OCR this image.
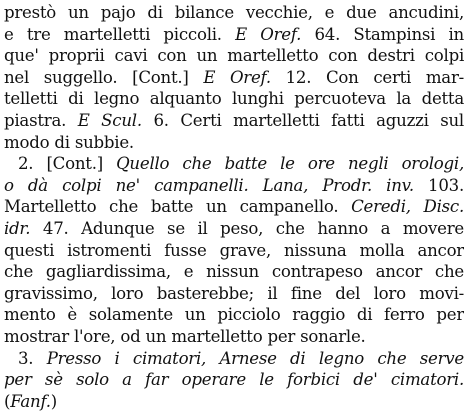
prestò un pajo di bilance vecchie, e due ancudini,
e tre martelletti piccoli. E Oref. 64. Stampinsi in
que' proprii cavi con un martelletto con destri colpi
nel suggello. [Cont.] E Oref. 12. Con certi mar-
telletti di legno alquanto lunghi percuoteva la detta
piastra. E Scul. 6. Certi martelletti fatti aguzzi sul
modo di subbie.
2. [Cont.] Quello che batte le ore negli orologi,
o dà colpi ne' campanelli. Lana, Prodr. inv. 103.
Martelletto che batte un campanello. Ceredi, Disc.
idr. 47. Adunque se il peso, che hanno a movere
questi istromenti fusse grave, nissuna molla ancor
che gagliardissima, e nissun contrapeso ancor che
gravissimo, loro basterebbe; il fine del loro movi-
mento è solamente un picciolo raggio di ferro per
mostrar l'ore, od un martelletto per sonarle.
3. Presso i cimatori, Arnese di legno che serve
per sè solo a far operare le forbici de' cimatori.
(Fanf.)
